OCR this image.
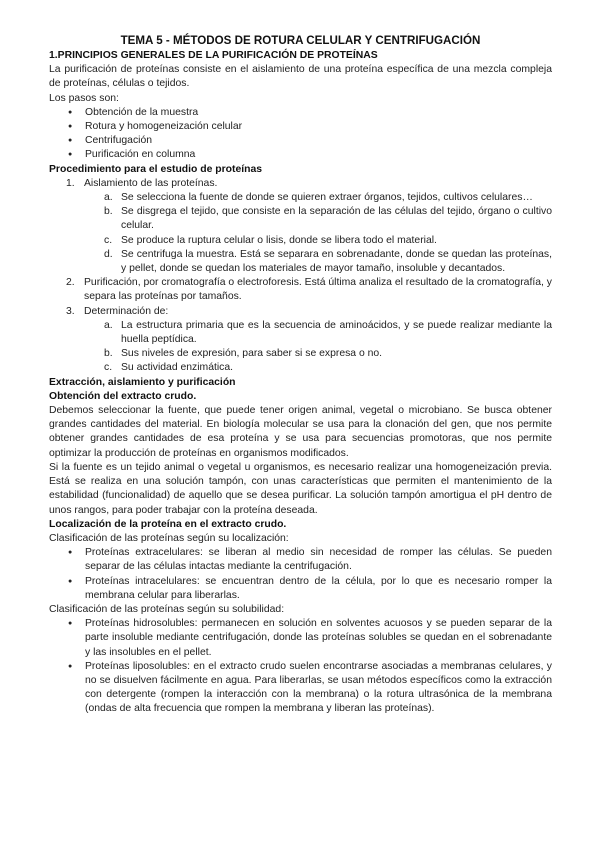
TEMA 5 - MÉTODOS DE ROTURA CELULAR Y CENTRIFUGACIÓN
1.PRINCIPIOS GENERALES DE LA PURIFICACIÓN DE PROTEÍNAS

La purificación de proteínas consiste en el aislamiento de una proteína específica de una mezcla compleja de proteínas, células o tejidos.

Los pasos son:

● Obtención de la muestra
● Rotura y homogeneización celular
● Centrifugación
● Purificación en columna
Procedimiento para el estudio de proteínas
1. Aislamiento de las proteínas.
a. Se selecciona la fuente de donde se quieren extraer órganos, tejidos, cultivos celulares…
b. Se disgrega el tejido, que consiste en la separación de las células del tejido, órgano o cultivo celular.
c. Se produce la ruptura celular o lisis, donde se libera todo el material.
d. Se centrifuga la muestra. Está se separara en sobrenadante, donde se quedan las proteínas, y pellet, donde se quedan los materiales de mayor tamaño, insoluble y decantados.
2. Purificación, por cromatografía o electroforesis. Está última analiza el resultado de la cromatografía, y separa las proteínas por tamaños.
3. Determinación de:
a. La estructura primaria que es la secuencia de aminoácidos, y se puede realizar mediante la huella peptídica.
b. Sus niveles de expresión, para saber si se expresa o no.
c. Su actividad enzimática.
Extracción, aislamiento y purificación
Obtención del extracto crudo.

Debemos seleccionar la fuente, que puede tener origen animal, vegetal o microbiano. Se busca obtener grandes cantidades del material. En biología molecular se usa para la clonación del gen, que nos permite obtener grandes cantidades de esa proteína y se usa para secuencias promotoras, que nos permite optimizar la producción de proteínas en organismos modificados.

Si la fuente es un tejido animal o vegetal u organismos, es necesario realizar una homogeneización previa. Está se realiza en una solución tampón, con unas características que permiten el mantenimiento de la estabilidad (funcionalidad) de aquello que se desea purificar. La solución tampón amortigua el pH dentro de unos rangos, para poder trabajar con la proteína deseada.

Localización de la proteína en el extracto crudo.

Clasificación de las proteínas según su localización:

● Proteínas extracelulares: se liberan al medio sin necesidad de romper las células. Se pueden separar de las células intactas mediante la centrifugación.
● Proteínas intracelulares: se encuentran dentro de la célula, por lo que es necesario romper la membrana celular para liberarlas.

Clasificación de las proteínas según su solubilidad:

● Proteínas hidrosolubles: permanecen en solución en solventes acuosos y se pueden separar de la parte insoluble mediante centrifugación, donde las proteínas solubles se quedan en el sobrenadante y las insolubles en el pellet.
● Proteínas liposolubles: en el extracto crudo suelen encontrarse asociadas a membranas celulares, y no se disuelven fácilmente en agua. Para liberarlas, se usan métodos específicos como la extracción con detergente (rompen la interacción con la membrana) o la rotura ultrasónica de la membrana (ondas de alta frecuencia que rompen la membrana y liberan las proteínas).
